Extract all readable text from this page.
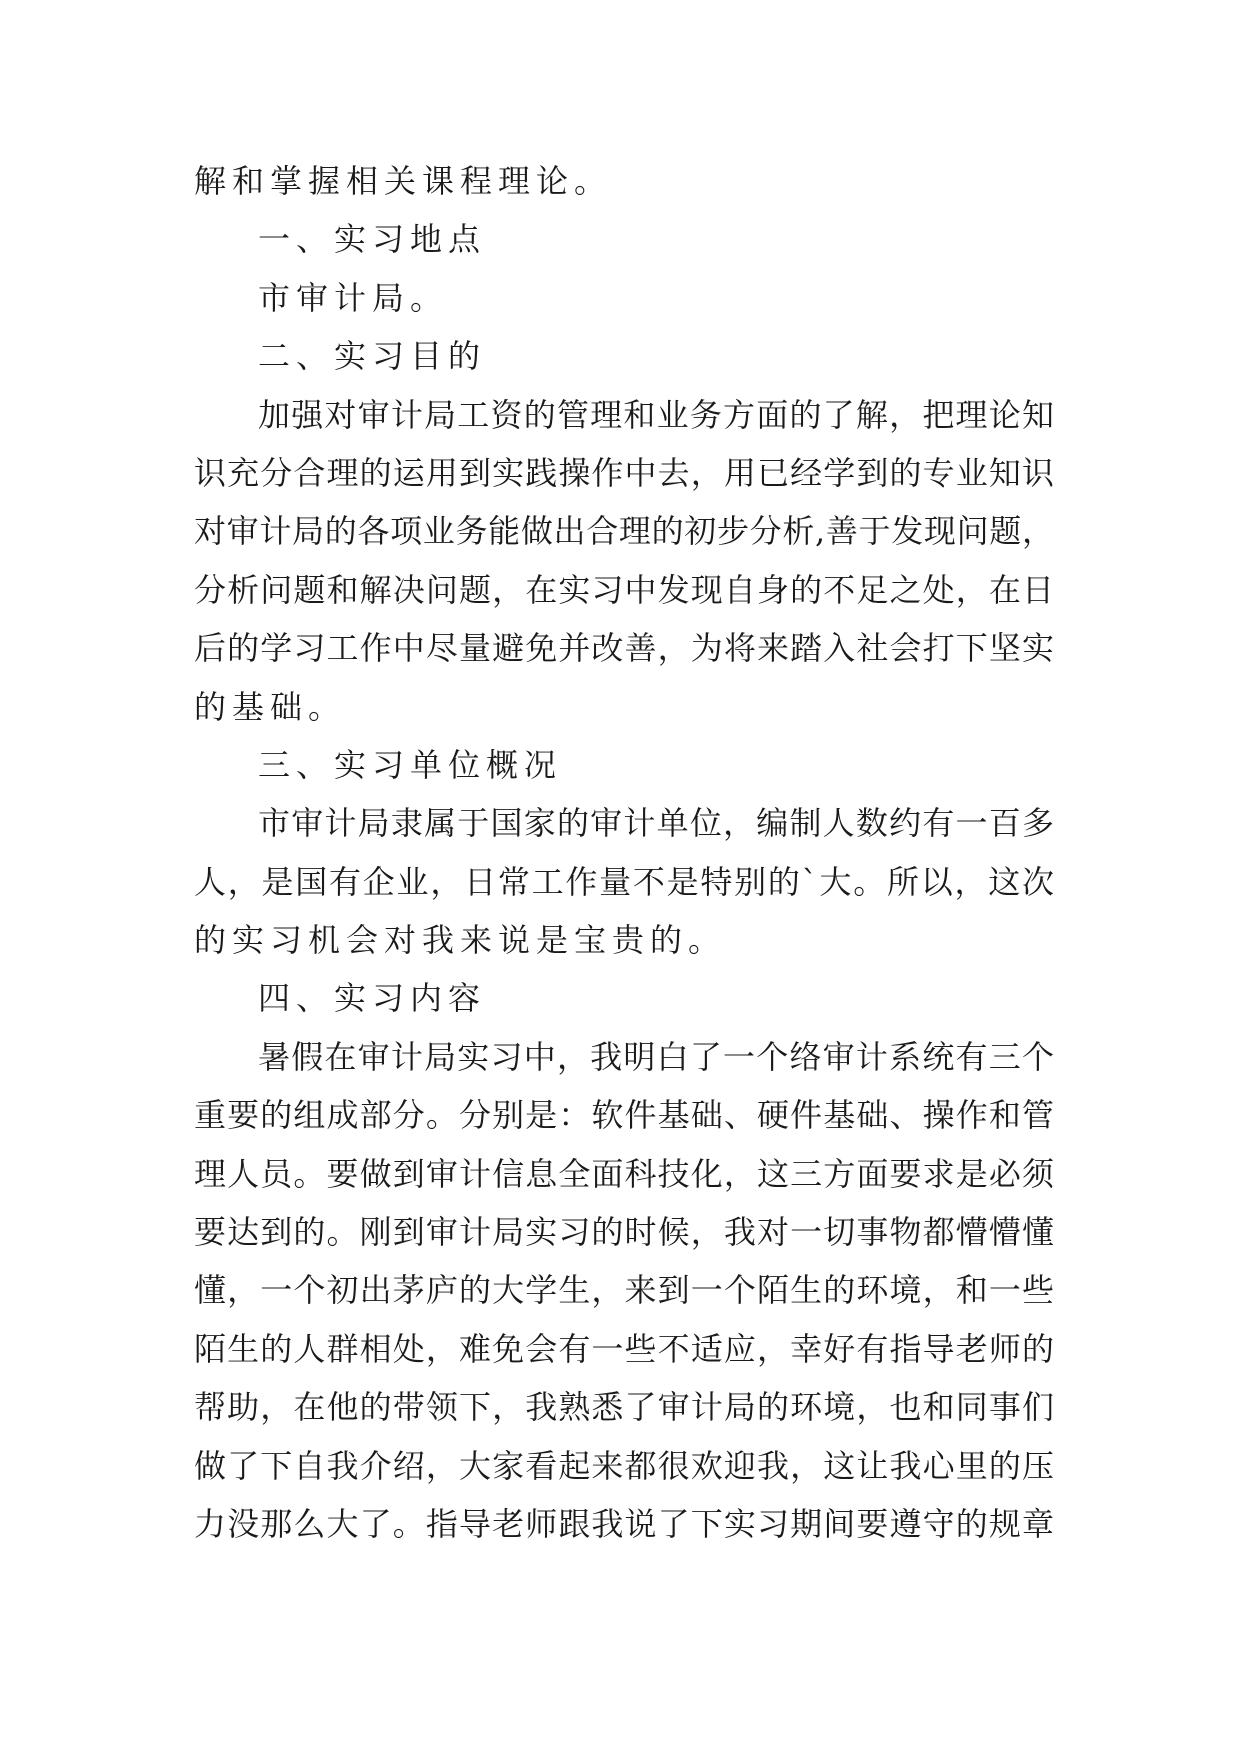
解和掌握相关课程理论。
一、实习地点
市审计局。
二、实习目的
加强对审计局工资的管理和业务方面的了解，把理论知
识充分合理的运用到实践操作中去，用已经学到的专业知识
对审计局的各项业务能做出合理的初步分析,善于发现问题，
分析问题和解决问题，在实习中发现自身的不足之处，在日
后的学习工作中尽量避免并改善，为将来踏入社会打下坚实
的基础。
三、实习单位概况
市审计局隶属于国家的审计单位，编制人数约有一百多
人，是国有企业，日常工作量不是特别的`大。所以，这次
的实习机会对我来说是宝贵的。
四、实习内容
暑假在审计局实习中，我明白了一个络审计系统有三个
重要的组成部分。分别是：软件基础、硬件基础、操作和管
理人员。要做到审计信息全面科技化，这三方面要求是必须
要达到的。刚到审计局实习的时候，我对一切事物都懵懵懂
懂，一个初出茅庐的大学生，来到一个陌生的环境，和一些
陌生的人群相处，难免会有一些不适应，幸好有指导老师的
帮助，在他的带领下，我熟悉了审计局的环境，也和同事们
做了下自我介绍，大家看起来都很欢迎我，这让我心里的压
力没那么大了。指导老师跟我说了下实习期间要遵守的规章
